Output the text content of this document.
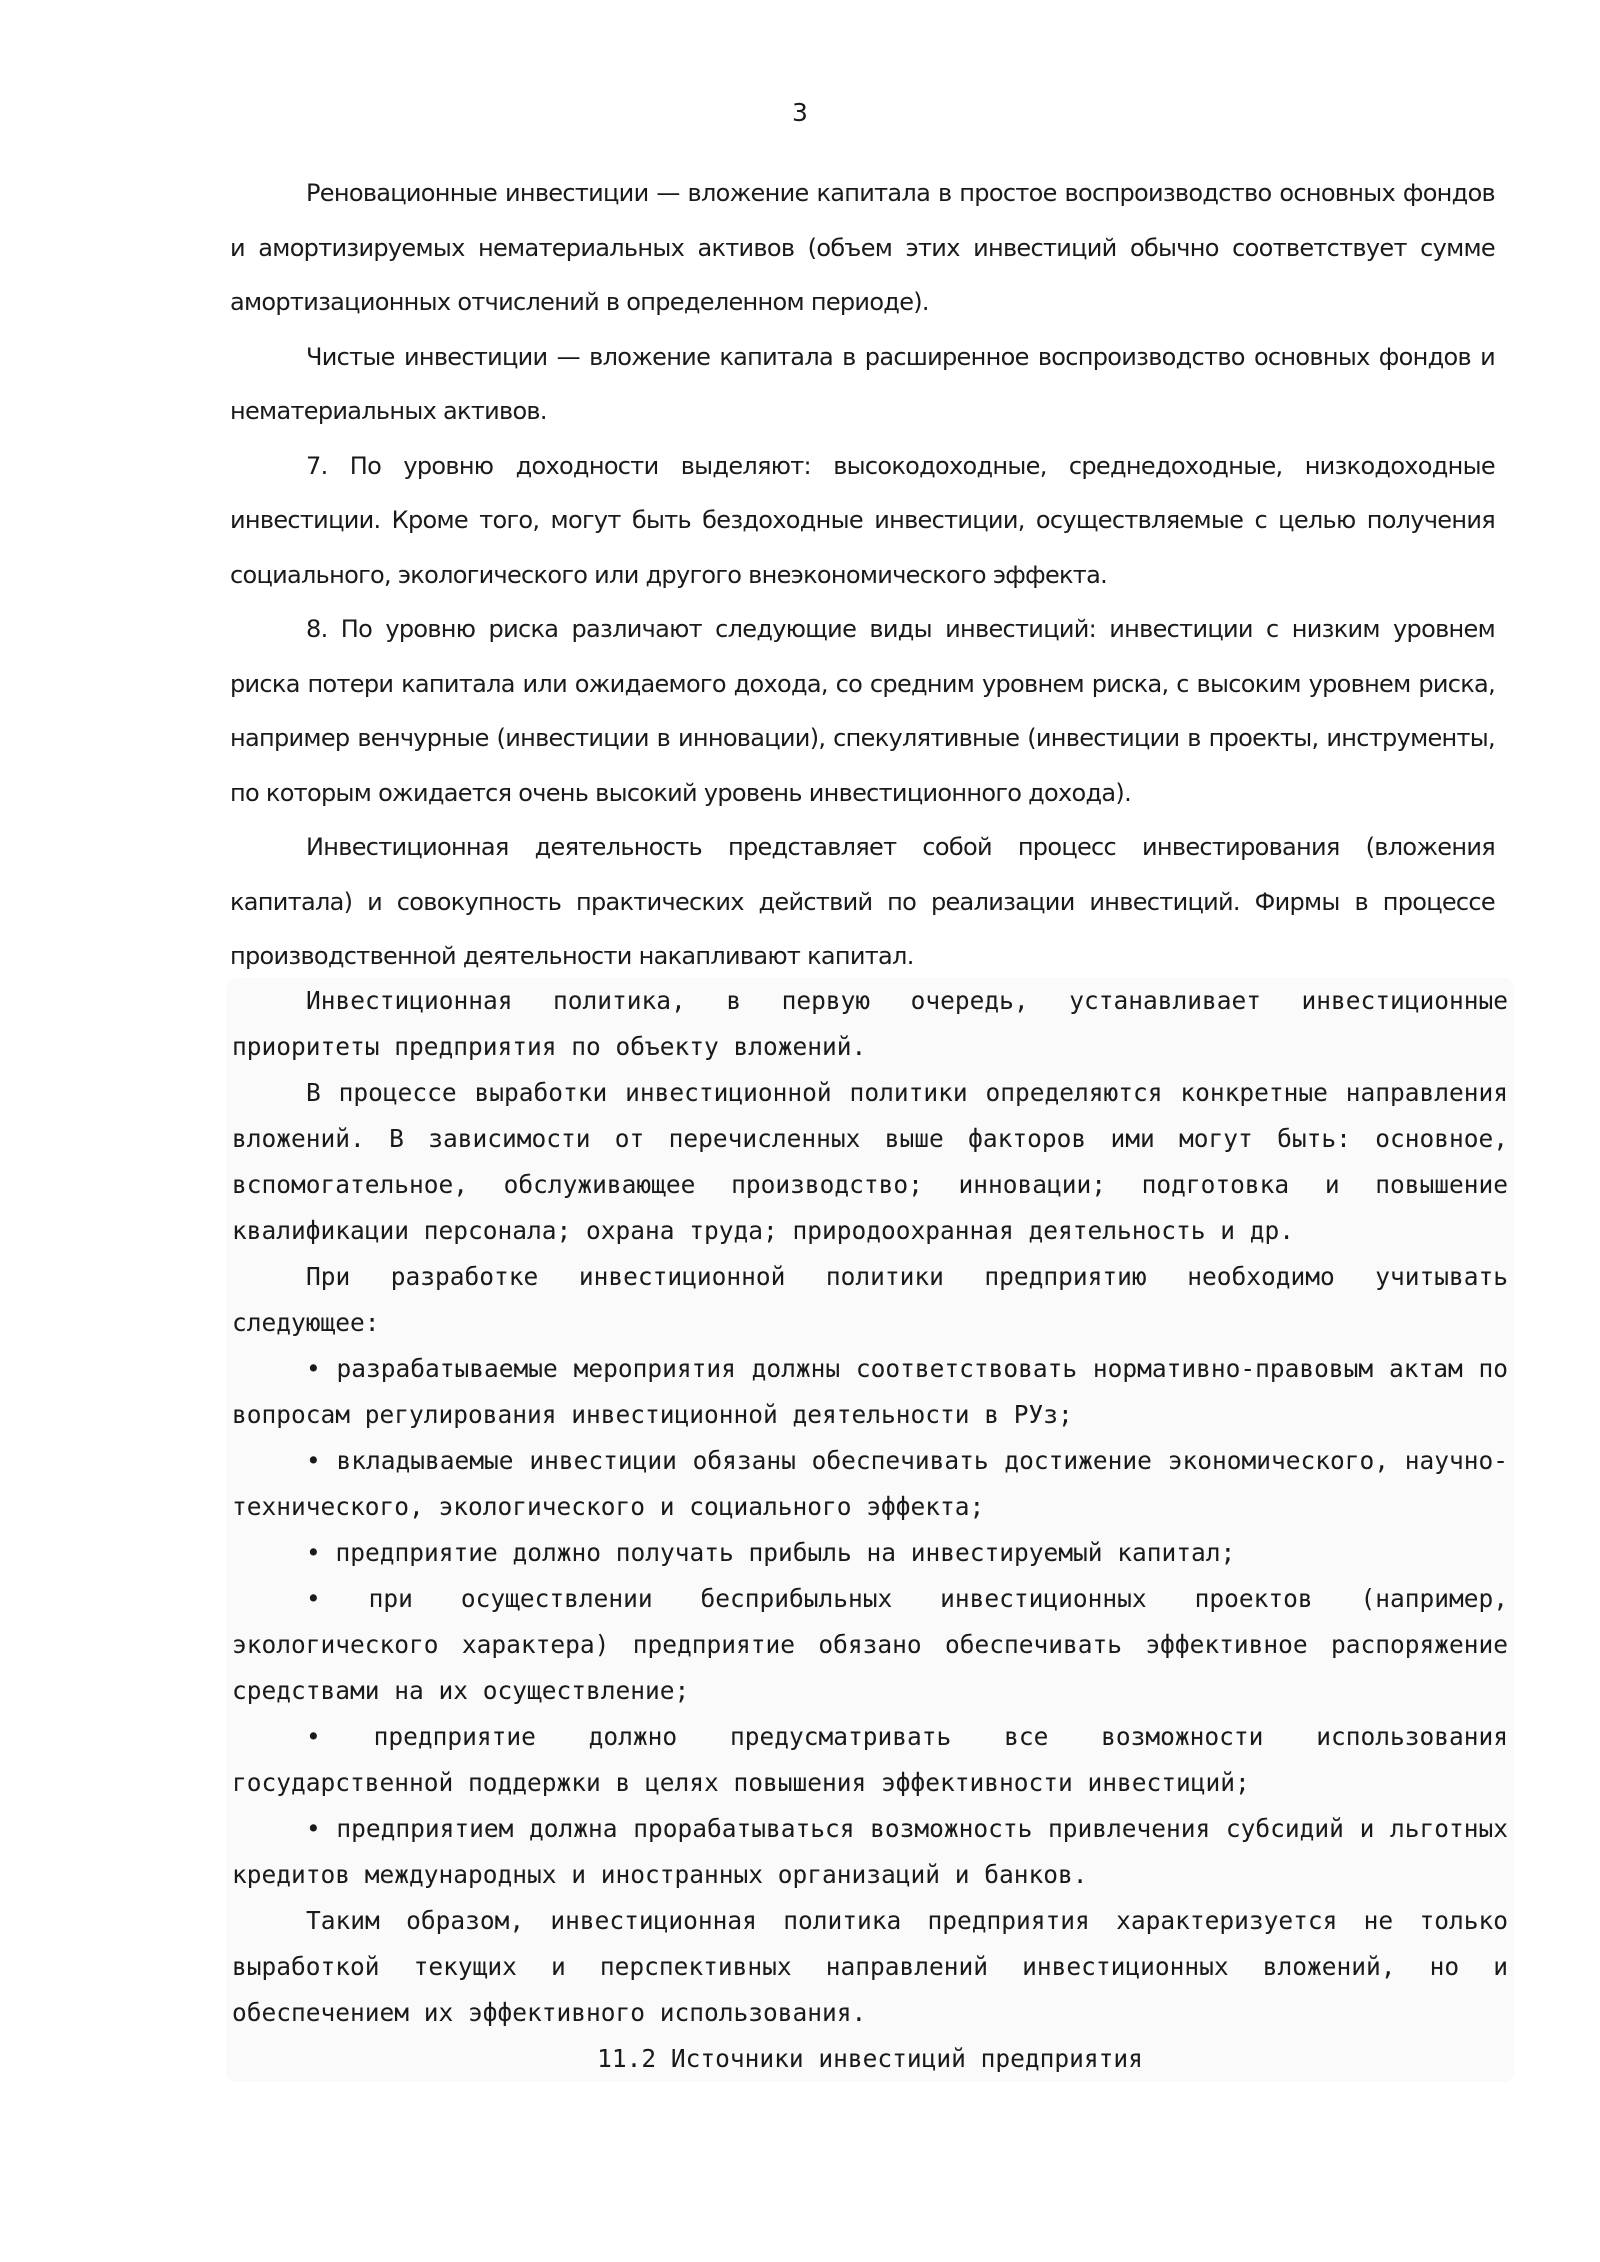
3

Реновационные инвестиции — вложение капитала в простое воспроизводство основных фондов и амортизируемых нематериальных активов (объем этих инвестиций обычно соответствует сумме амортизационных отчислений в определенном периоде).

Чистые инвестиции — вложение капитала в расширенное воспроизводство основных фондов и нематериальных активов.

7. По уровню доходности выделяют: высокодоходные, среднедоходные, низкодоходные инвестиции. Кроме того, могут быть бездоходные инвестиции, осуществляемые с целью получения социального, экологического или другого внеэкономического эффекта.

8. По уровню риска различают следующие виды инвестиций: инвестиции с низким уровнем риска потери капитала или ожидаемого дохода, со средним уровнем риска, с высоким уровнем риска, например венчурные (инвестиции в инновации), спекулятивные (инвестиции в проекты, инструменты, по которым ожидается очень высокий уровень инвестиционного дохода).

Инвестиционная деятельность представляет собой процесс инвестирования (вложения капитала) и совокупность практических действий по реализации инвестиций. Фирмы в процессе производственной деятельности накапливают капитал.

Инвестиционная политика, в первую очередь, устанавливает инвестиционные приоритеты предприятия по объекту вложений.

В процессе выработки инвестиционной политики определяются конкретные направления вложений. В зависимости от перечисленных выше факторов ими могут быть: основное, вспомогательное, обслуживающее производство; инновации; подготовка и повышение квалификации персонала; охрана труда; природоохранная деятельность и др.

При разработке инвестиционной политики предприятию необходимо учитывать следующее:

• разрабатываемые мероприятия должны соответствовать нормативно-правовым актам по вопросам регулирования инвестиционной деятельности в РУз;

• вкладываемые инвестиции обязаны обеспечивать достижение экономического, научно-технического, экологического и социального эффекта;

• предприятие должно получать прибыль на инвестируемый капитал;

• при осуществлении бесприбыльных инвестиционных проектов (например, экологического характера) предприятие обязано обеспечивать эффективное распоряжение средствами на их осуществление;

• предприятие должно предусматривать все возможности использования государственной поддержки в целях повышения эффективности инвестиций;

• предприятием должна прорабатываться возможность привлечения субсидий и льготных кредитов международных и иностранных организаций и банков.

Таким образом, инвестиционная политика предприятия характеризуется не только выработкой текущих и перспективных направлений инвестиционных вложений, но и обеспечением их эффективного использования.

11.2 Источники инвестиций предприятия
